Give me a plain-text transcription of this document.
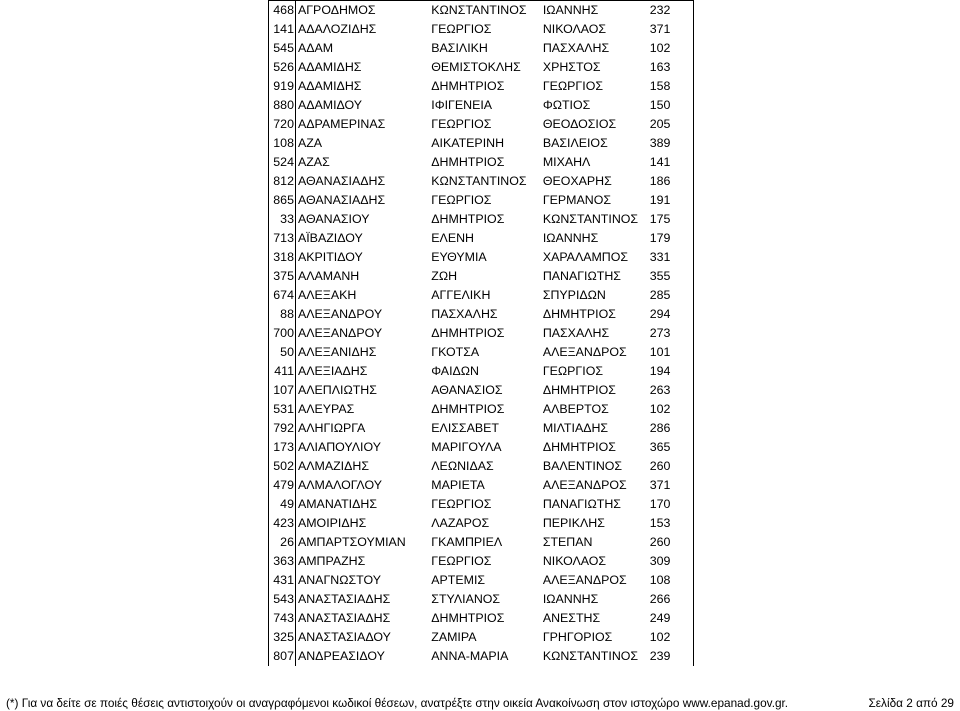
468	ΑΓΡΟΔΗΜΟΣ	ΚΩΝΣΤΑΝΤΙΝΟΣ	ΙΩΑΝΝΗΣ	232
141	ΑΔΑΛΟΖΙΔΗΣ	ΓΕΩΡΓΙΟΣ	ΝΙΚΟΛΑΟΣ	371
545	ΑΔΑΜ	ΒΑΣΙΛΙΚΗ	ΠΑΣΧΑΛΗΣ	102
526	ΑΔΑΜΙΔΗΣ	ΘΕΜΙΣΤΟΚΛΗΣ	ΧΡΗΣΤΟΣ	163
919	ΑΔΑΜΙΔΗΣ	ΔΗΜΗΤΡΙΟΣ	ΓΕΩΡΓΙΟΣ	158
880	ΑΔΑΜΙΔΟΥ	ΙΦΙΓΕΝΕΙΑ	ΦΩΤΙΟΣ	150
720	ΑΔΡΑΜΕΡΙΝΑΣ	ΓΕΩΡΓΙΟΣ	ΘΕΟΔΟΣΙΟΣ	205
108	ΑΖΑ	ΑΙΚΑΤΕΡΙΝΗ	ΒΑΣΙΛΕΙΟΣ	389
524	ΑΖΑΣ	ΔΗΜΗΤΡΙΟΣ	ΜΙΧΑΗΛ	141
812	ΑΘΑΝΑΣΙΑΔΗΣ	ΚΩΝΣΤΑΝΤΙΝΟΣ	ΘΕΟΧΑΡΗΣ	186
865	ΑΘΑΝΑΣΙΑΔΗΣ	ΓΕΩΡΓΙΟΣ	ΓΕΡΜΑΝΟΣ	191
33	ΑΘΑΝΑΣΙΟΥ	ΔΗΜΗΤΡΙΟΣ	ΚΩΝΣΤΑΝΤΙΝΟΣ	175
713	ΑΪΒΑΖΙΔΟΥ	ΕΛΕΝΗ	ΙΩΑΝΝΗΣ	179
318	ΑΚΡΙΤΙΔΟΥ	ΕΥΘΥΜΙΑ	ΧΑΡΑΛΑΜΠΟΣ	331
375	ΑΛΑΜΑΝΗ	ΖΩΗ	ΠΑΝΑΓΙΩΤΗΣ	355
674	ΑΛΕΞΑΚΗ	ΑΓΓΕΛΙΚΗ	ΣΠΥΡΙΔΩΝ	285
88	ΑΛΕΞΑΝΔΡΟΥ	ΠΑΣΧΑΛΗΣ	ΔΗΜΗΤΡΙΟΣ	294
700	ΑΛΕΞΑΝΔΡΟΥ	ΔΗΜΗΤΡΙΟΣ	ΠΑΣΧΑΛΗΣ	273
50	ΑΛΕΞΑΝΙΔΗΣ	ΓΚΟΤΣΑ	ΑΛΕΞΑΝΔΡΟΣ	101
411	ΑΛΕΞΙΑΔΗΣ	ΦΑΙΔΩΝ	ΓΕΩΡΓΙΟΣ	194
107	ΑΛΕΠΛΙΩΤΗΣ	ΑΘΑΝΑΣΙΟΣ	ΔΗΜΗΤΡΙΟΣ	263
531	ΑΛΕΥΡΑΣ	ΔΗΜΗΤΡΙΟΣ	ΑΛΒΕΡΤΟΣ	102
792	ΑΛΗΓΙΩΡΓΑ	ΕΛΙΣΣΑΒΕΤ	ΜΙΛΤΙΑΔΗΣ	286
173	ΑΛΙΑΠΟΥΛΙΟΥ	ΜΑΡΙΓΟΥΛΑ	ΔΗΜΗΤΡΙΟΣ	365
502	ΑΛΜΑΖΙΔΗΣ	ΛΕΩΝΙΔΑΣ	ΒΑΛΕΝΤΙΝΟΣ	260
479	ΑΛΜΑΛΟΓΛΟΥ	ΜΑΡΙΕΤΑ	ΑΛΕΞΑΝΔΡΟΣ	371
49	ΑΜΑΝΑΤΙΔΗΣ	ΓΕΩΡΓΙΟΣ	ΠΑΝΑΓΙΩΤΗΣ	170
423	ΑΜΟΙΡΙΔΗΣ	ΛΑΖΑΡΟΣ	ΠΕΡΙΚΛΗΣ	153
26	ΑΜΠΑΡΤΣΟΥΜΙΑΝ	ΓΚΑΜΠΡΙΕΛ	ΣΤΕΠΑΝ	260
363	ΑΜΠΡΑΖΗΣ	ΓΕΩΡΓΙΟΣ	ΝΙΚΟΛΑΟΣ	309
431	ΑΝΑΓΝΩΣΤΟΥ	ΑΡΤΕΜΙΣ	ΑΛΕΞΑΝΔΡΟΣ	108
543	ΑΝΑΣΤΑΣΙΑΔΗΣ	ΣΤΥΛΙΑΝΟΣ	ΙΩΑΝΝΗΣ	266
743	ΑΝΑΣΤΑΣΙΑΔΗΣ	ΔΗΜΗΤΡΙΟΣ	ΑΝΕΣΤΗΣ	249
325	ΑΝΑΣΤΑΣΙΑΔΟΥ	ΖΑΜΙΡΑ	ΓΡΗΓΟΡΙΟΣ	102
807	ΑΝΔΡΕΑΣΙΔΟΥ	ΑΝΝΑ-ΜΑΡΙΑ	ΚΩΝΣΤΑΝΤΙΝΟΣ	239
(*) Για να δείτε σε ποιές θέσεις αντιστοιχούν οι αναγραφόμενοι κωδικοί θέσεων, ανατρέξτε στην οικεία Ανακοίνωση στον ιστοχώρο www.epanad.gov.gr.	Σελίδα 2 από 29
